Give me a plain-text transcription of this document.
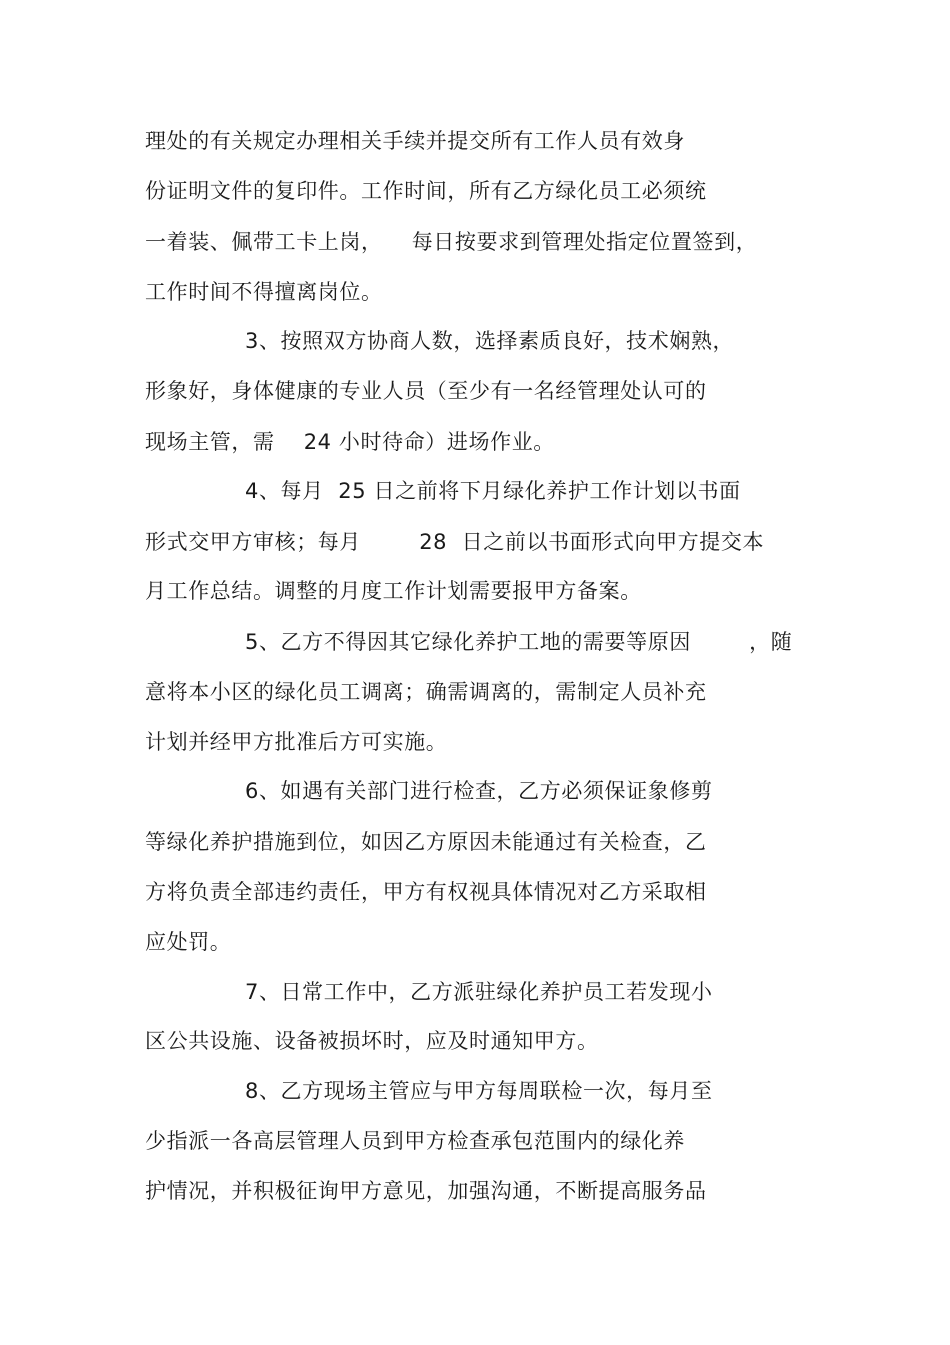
理处的有关规定办理相关手续并提交所有工作人员有效身
份证明文件的复印件。工作时间，所有乙方绿化员工必须统
一着装、佩带工卡上岗，    每日按要求到管理处指定位置签到，
工作时间不得擅离岗位。
3、按照双方协商人数，选择素质良好，技术娴熟，
形象好，身体健康的专业人员（至少有一名经管理处认可的
现场主管，需    24 小时待命）进场作业。
4、每月  25 日之前将下月绿化养护工作计划以书面
形式交甲方审核；每月        28  日之前以书面形式向甲方提交本
月工作总结。调整的月度工作计划需要报甲方备案。
5、乙方不得因其它绿化养护工地的需要等原因        ，随
意将本小区的绿化员工调离；确需调离的，需制定人员补充
计划并经甲方批准后方可实施。
6、如遇有关部门进行检查，乙方必须保证象修剪
等绿化养护措施到位，如因乙方原因未能通过有关检查，乙
方将负责全部违约责任，甲方有权视具体情况对乙方采取相
应处罚。
7、日常工作中，乙方派驻绿化养护员工若发现小
区公共设施、设备被损坏时，应及时通知甲方。
8、乙方现场主管应与甲方每周联检一次，每月至
少指派一各高层管理人员到甲方检查承包范围内的绿化养
护情况，并积极征询甲方意见，加强沟通，不断提高服务品
